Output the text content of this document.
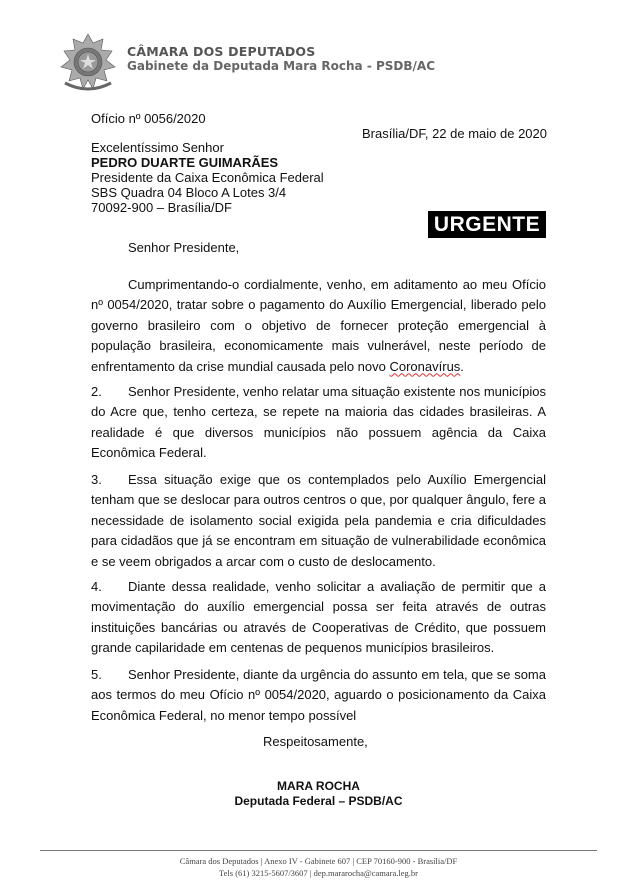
CÂMARA DOS DEPUTADOS
Gabinete da Deputada Mara Rocha - PSDB/AC
Ofício nº 0056/2020
Brasília/DF, 22 de maio de 2020
Excelentíssimo Senhor
PEDRO DUARTE GUIMARÃES
Presidente da Caixa Econômica Federal
SBS Quadra 04 Bloco A Lotes 3/4
70092-900 – Brasília/DF
URGENTE
Senhor Presidente,

Cumprimentando-o cordialmente, venho, em aditamento ao meu Ofício nº 0054/2020, tratar sobre o pagamento do Auxílio Emergencial, liberado pelo governo brasileiro com o objetivo de fornecer proteção emergencial à população brasileira, economicamente mais vulnerável, neste período de enfrentamento da crise mundial causada pelo novo Coronavírus.

2. Senhor Presidente, venho relatar uma situação existente nos municípios do Acre que, tenho certeza, se repete na maioria das cidades brasileiras. A realidade é que diversos municípios não possuem agência da Caixa Econômica Federal.

3. Essa situação exige que os contemplados pelo Auxílio Emergencial tenham que se deslocar para outros centros o que, por qualquer ângulo, fere a necessidade de isolamento social exigida pela pandemia e cria dificuldades para cidadãos que já se encontram em situação de vulnerabilidade econômica e se veem obrigados a arcar com o custo de deslocamento.

4. Diante dessa realidade, venho solicitar a avaliação de permitir que a movimentação do auxílio emergencial possa ser feita através de outras instituições bancárias ou através de Cooperativas de Crédito, que possuem grande capilaridade em centenas de pequenos municípios brasileiros.

5. Senhor Presidente, diante da urgência do assunto em tela, que se soma aos termos do meu Ofício nº 0054/2020, aguardo o posicionamento da Caixa Econômica Federal, no menor tempo possível

Respeitosamente,
MARA ROCHA
Deputada Federal – PSDB/AC
Câmara dos Deputados | Anexo IV - Gabinete 607 | CEP 70160-900 - Brasília/DF
Tels (61) 3215-5607/3607 | dep.mararocha@camara.leg.br
